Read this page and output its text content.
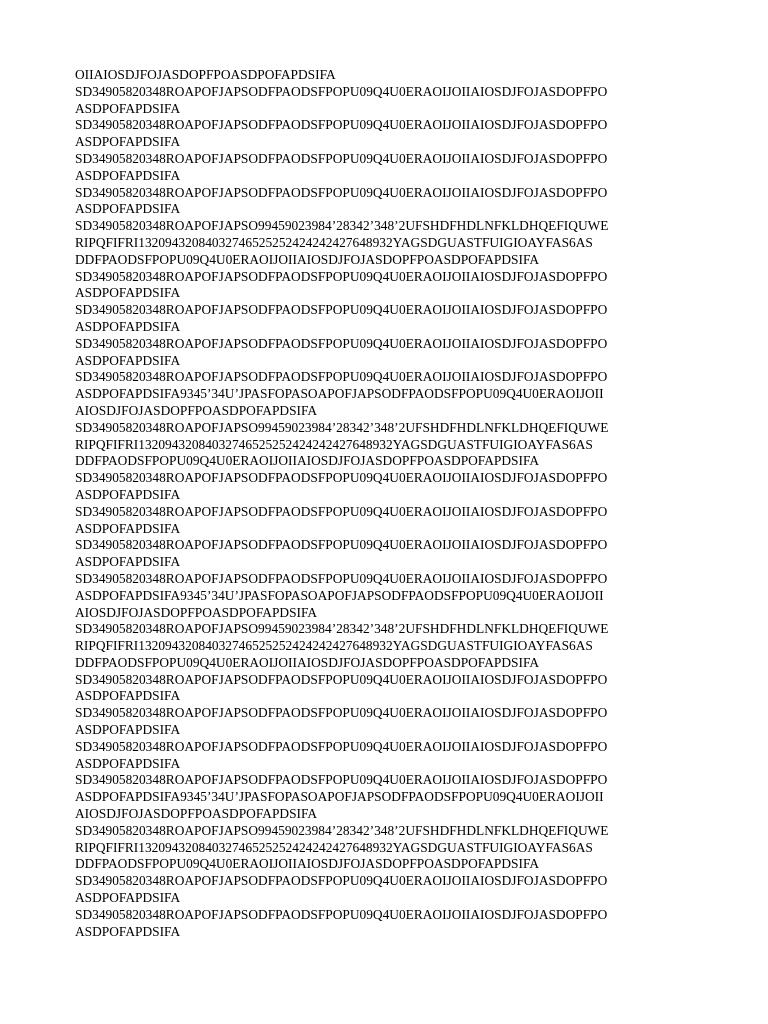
OIIAIOSDJFOJASDOPFPOASDPOFAPDSIFA
SD34905820348ROAPOFJAPSODFPAODSFPOPU09Q4U0ERAOIJOIIAIOSDJFOJASDOPFPO
ASDPOFAPDSIFA
SD34905820348ROAPOFJAPSODFPAODSFPOPU09Q4U0ERAOIJOIIAIOSDJFOJASDOPFPO
ASDPOFAPDSIFA
SD34905820348ROAPOFJAPSODFPAODSFPOPU09Q4U0ERAOIJOIIAIOSDJFOJASDOPFPO
ASDPOFAPDSIFA
SD34905820348ROAPOFJAPSODFPAODSFPOPU09Q4U0ERAOIJOIIAIOSDJFOJASDOPFPO
ASDPOFAPDSIFA
SD34905820348ROAPOFJAPSO99459023984’28342’348’2UFSHDFHDLNFKLDHQEFIQUWE
RIPQFIFRI13209432084032746525252424242427648932YAGSDGUASTFUIGIOAYFAS6AS
DDFPAODSFPOPU09Q4U0ERAOIJOIIAIOSDJFOJASDOPFPOASDPOFAPDSIFA
SD34905820348ROAPOFJAPSODFPAODSFPOPU09Q4U0ERAOIJOIIAIOSDJFOJASDOPFPO
ASDPOFAPDSIFA
SD34905820348ROAPOFJAPSODFPAODSFPOPU09Q4U0ERAOIJOIIAIOSDJFOJASDOPFPO
ASDPOFAPDSIFA
SD34905820348ROAPOFJAPSODFPAODSFPOPU09Q4U0ERAOIJOIIAIOSDJFOJASDOPFPO
ASDPOFAPDSIFA
SD34905820348ROAPOFJAPSODFPAODSFPOPU09Q4U0ERAOIJOIIAIOSDJFOJASDOPFPO
ASDPOFAPDSIFA9345’34U’JPASFOPASOAPOFJAPSODFPAODSFPOPU09Q4U0ERAOIJOII
AIOSDJFOJASDOPFPOASDPOFAPDSIFA
SD34905820348ROAPOFJAPSO99459023984’28342’348’2UFSHDFHDLNFKLDHQEFIQUWE
RIPQFIFRI13209432084032746525252424242427648932YAGSDGUASTFUIGIOAYFAS6AS
DDFPAODSFPOPU09Q4U0ERAOIJOIIAIOSDJFOJASDOPFPOASDPOFAPDSIFA
SD34905820348ROAPOFJAPSODFPAODSFPOPU09Q4U0ERAOIJOIIAIOSDJFOJASDOPFPO
ASDPOFAPDSIFA
SD34905820348ROAPOFJAPSODFPAODSFPOPU09Q4U0ERAOIJOIIAIOSDJFOJASDOPFPO
ASDPOFAPDSIFA
SD34905820348ROAPOFJAPSODFPAODSFPOPU09Q4U0ERAOIJOIIAIOSDJFOJASDOPFPO
ASDPOFAPDSIFA
SD34905820348ROAPOFJAPSODFPAODSFPOPU09Q4U0ERAOIJOIIAIOSDJFOJASDOPFPO
ASDPOFAPDSIFA9345’34U’JPASFOPASOAPOFJAPSODFPAODSFPOPU09Q4U0ERAOIJOII
AIOSDJFOJASDOPFPOASDPOFAPDSIFA
SD34905820348ROAPOFJAPSO99459023984’28342’348’2UFSHDFHDLNFKLDHQEFIQUWE
RIPQFIFRI13209432084032746525252424242427648932YAGSDGUASTFUIGIOAYFAS6AS
DDFPAODSFPOPU09Q4U0ERAOIJOIIAIOSDJFOJASDOPFPOASDPOFAPDSIFA
SD34905820348ROAPOFJAPSODFPAODSFPOPU09Q4U0ERAOIJOIIAIOSDJFOJASDOPFPO
ASDPOFAPDSIFA
SD34905820348ROAPOFJAPSODFPAODSFPOPU09Q4U0ERAOIJOIIAIOSDJFOJASDOPFPO
ASDPOFAPDSIFA
SD34905820348ROAPOFJAPSODFPAODSFPOPU09Q4U0ERAOIJOIIAIOSDJFOJASDOPFPO
ASDPOFAPDSIFA
SD34905820348ROAPOFJAPSODFPAODSFPOPU09Q4U0ERAOIJOIIAIOSDJFOJASDOPFPO
ASDPOFAPDSIFA9345’34U’JPASFOPASOAPOFJAPSODFPAODSFPOPU09Q4U0ERAOIJOII
AIOSDJFOJASDOPFPOASDPOFAPDSIFA
SD34905820348ROAPOFJAPSO99459023984’28342’348’2UFSHDFHDLNFKLDHQEFIQUWE
RIPQFIFRI13209432084032746525252424242427648932YAGSDGUASTFUIGIOAYFAS6AS
DDFPAODSFPOPU09Q4U0ERAOIJOIIAIOSDJFOJASDOPFPOASDPOFAPDSIFA
SD34905820348ROAPOFJAPSODFPAODSFPOPU09Q4U0ERAOIJOIIAIOSDJFOJASDOPFPO
ASDPOFAPDSIFA
SD34905820348ROAPOFJAPSODFPAODSFPOPU09Q4U0ERAOIJOIIAIOSDJFOJASDOPFPO
ASDPOFAPDSIFA
